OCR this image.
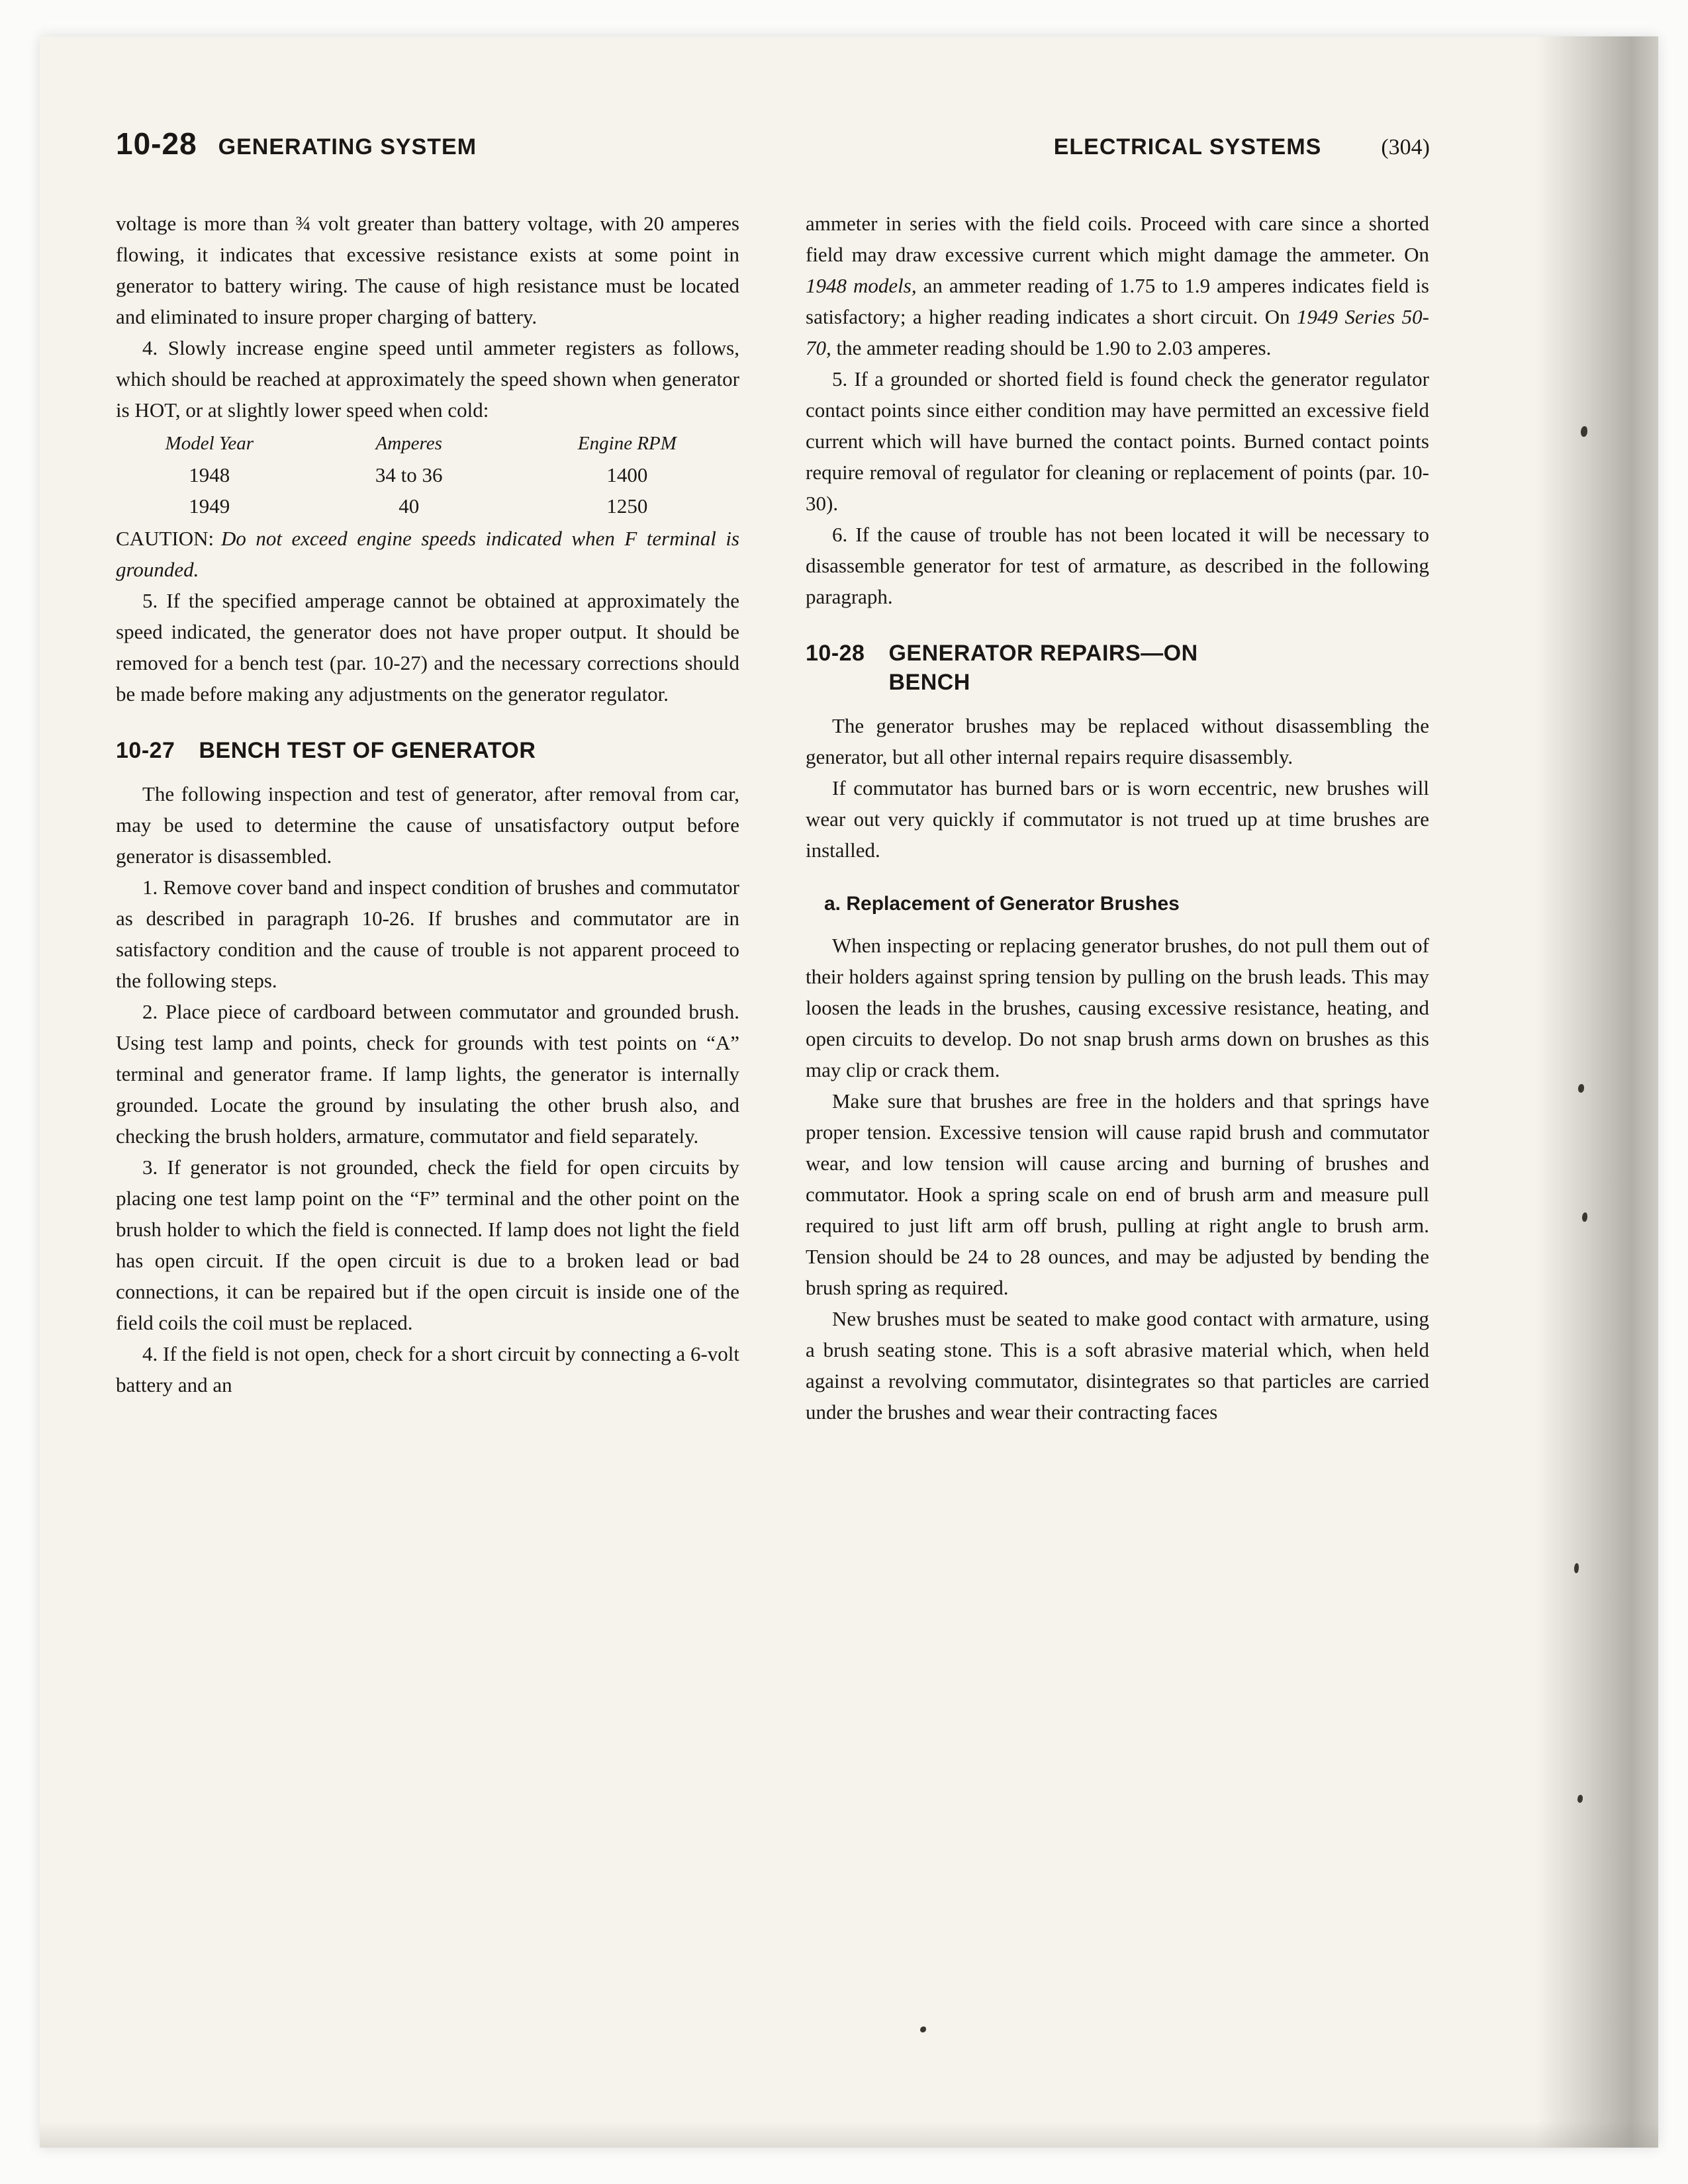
10-28 GENERATING SYSTEM	ELECTRICAL SYSTEMS	(304)

voltage is more than ¾ volt greater than battery voltage, with 20 amperes flowing, it indicates that excessive resistance exists at some point in generator to battery wiring. The cause of high resistance must be located and eliminated to insure proper charging of battery.

4. Slowly increase engine speed until ammeter registers as follows, which should be reached at approximately the speed shown when generator is HOT, or at slightly lower speed when cold:

Model Year	Amperes	Engine RPM
1948	34 to 36	1400
1949	40	1250

CAUTION: Do not exceed engine speeds indicated when F terminal is grounded.

5. If the specified amperage cannot be obtained at approximately the speed indicated, the generator does not have proper output. It should be removed for a bench test (par. 10-27) and the necessary corrections should be made before making any adjustments on the generator regulator.

10-27 BENCH TEST OF GENERATOR

The following inspection and test of generator, after removal from car, may be used to determine the cause of unsatisfactory output before generator is disassembled.

1. Remove cover band and inspect condition of brushes and commutator as described in paragraph 10-26. If brushes and commutator are in satisfactory condition and the cause of trouble is not apparent proceed to the following steps.

2. Place piece of cardboard between commutator and grounded brush. Using test lamp and points, check for grounds with test points on “A” terminal and generator frame. If lamp lights, the generator is internally grounded. Locate the ground by insulating the other brush also, and checking the brush holders, armature, commutator and field separately.

3. If generator is not grounded, check the field for open circuits by placing one test lamp point on the “F” terminal and the other point on the brush holder to which the field is connected. If lamp does not light the field has open circuit. If the open circuit is due to a broken lead or bad connections, it can be repaired but if the open circuit is inside one of the field coils the coil must be replaced.

4. If the field is not open, check for a short circuit by connecting a 6-volt battery and an

ammeter in series with the field coils. Proceed with care since a shorted field may draw excessive current which might damage the ammeter. On 1948 models, an ammeter reading of 1.75 to 1.9 amperes indicates field is satisfactory; a higher reading indicates a short circuit. On 1949 Series 50-70, the ammeter reading should be 1.90 to 2.03 amperes.

5. If a grounded or shorted field is found check the generator regulator contact points since either condition may have permitted an excessive field current which will have burned the contact points. Burned contact points require removal of regulator for cleaning or replacement of points (par. 10-30).

6. If the cause of trouble has not been located it will be necessary to disassemble generator for test of armature, as described in the following paragraph.

10-28 GENERATOR REPAIRS—ON
BENCH

The generator brushes may be replaced without disassembling the generator, but all other internal repairs require disassembly.

If commutator has burned bars or is worn eccentric, new brushes will wear out very quickly if commutator is not trued up at time brushes are installed.

a. Replacement of Generator Brushes

When inspecting or replacing generator brushes, do not pull them out of their holders against spring tension by pulling on the brush leads. This may loosen the leads in the brushes, causing excessive resistance, heating, and open circuits to develop. Do not snap brush arms down on brushes as this may clip or crack them.

Make sure that brushes are free in the holders and that springs have proper tension. Excessive tension will cause rapid brush and commutator wear, and low tension will cause arcing and burning of brushes and commutator. Hook a spring scale on end of brush arm and measure pull required to just lift arm off brush, pulling at right angle to brush arm. Tension should be 24 to 28 ounces, and may be adjusted by bending the brush spring as required.

New brushes must be seated to make good contact with armature, using a brush seating stone. This is a soft abrasive material which, when held against a revolving commutator, disintegrates so that particles are carried under the brushes and wear their contracting faces
